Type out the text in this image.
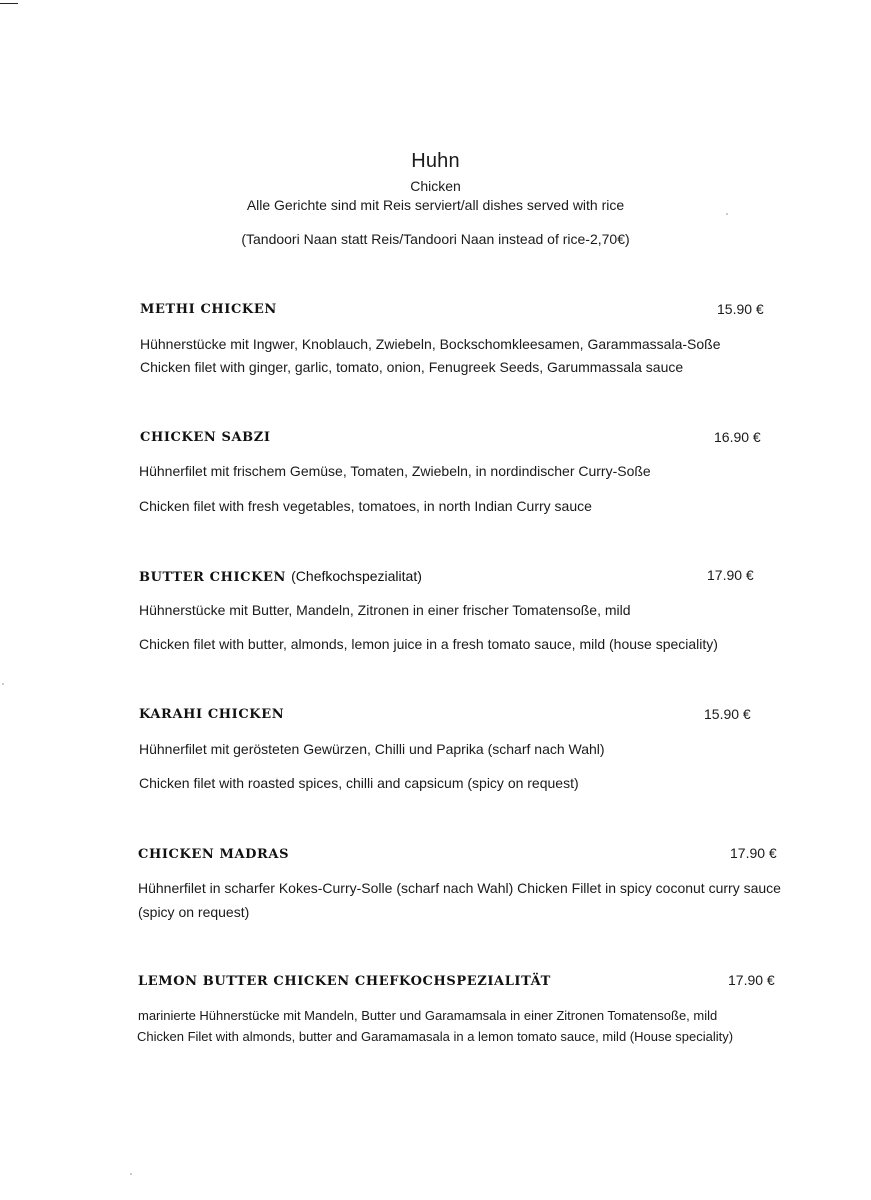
Huhn
Chicken
Alle Gerichte sind mit Reis serviert/all dishes served with rice
(Tandoori Naan statt Reis/Tandoori Naan instead of rice-2,70€)
METHI CHICKEN	15.90 €
Hühnerstücke mit Ingwer, Knoblauch, Zwiebeln, Bockschomkleesamen, Garammassala-Soße
Chicken filet with ginger, garlic, tomato, onion, Fenugreek Seeds, Garummassala sauce
CHICKEN SABZI	16.90 €
Hühnerfilet mit frischem Gemüse, Tomaten, Zwiebeln, in nordindischer Curry-Soße
Chicken filet with fresh vegetables, tomatoes, in north Indian Curry sauce
BUTTER CHICKEN (Chefkochspezialitat)	17.90 €
Hühnerstücke mit Butter, Mandeln, Zitronen in einer frischer Tomatensoße, mild
Chicken filet with butter, almonds, lemon juice in a fresh tomato sauce, mild (house speciality)
KARAHI CHICKEN	15.90 €
Hühnerfilet mit gerösteten Gewürzen, Chilli und Paprika (scharf nach Wahl)
Chicken filet with roasted spices, chilli and capsicum (spicy on request)
CHICKEN MADRAS	17.90 €
Hühnerfilet in scharfer Kokes-Curry-Solle (scharf nach Wahl) Chicken Fillet in spicy coconut curry sauce (spicy on request)
LEMON BUTTER CHICKEN CHEFKOCHSPEZIALITÄT	17.90 €
marinierte Hühnerstücke mit Mandeln, Butter und Garamamsala in einer Zitronen Tomatensoße, mild
Chicken Filet with almonds, butter and Garamamasala in a lemon tomato sauce, mild (House speciality)
